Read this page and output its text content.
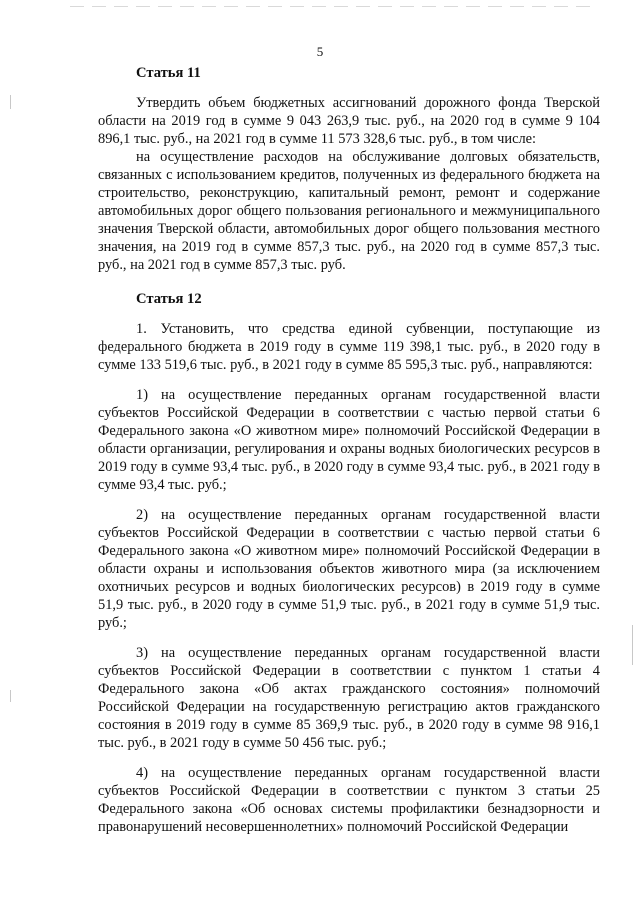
5
Статья 11

Утвердить объем бюджетных ассигнований дорожного фонда Тверской области на 2019 год в сумме 9 043 263,9 тыс. руб., на 2020 год в сумме 9 104 896,1 тыс. руб., на 2021 год в сумме 11 573 328,6 тыс. руб., в том числе:

на осуществление расходов на обслуживание долговых обязательств, связанных с использованием кредитов, полученных из федерального бюджета на строительство, реконструкцию, капитальный ремонт, ремонт и содержание автомобильных дорог общего пользования регионального и межмуниципального значения Тверской области, автомобильных дорог общего пользования местного значения, на 2019 год в сумме 857,3 тыс. руб., на 2020 год в сумме 857,3 тыс. руб., на 2021 год в сумме 857,3 тыс. руб.

Статья 12

1. Установить, что средства единой субвенции, поступающие из федерального бюджета в 2019 году в сумме 119 398,1 тыс. руб., в 2020 году в сумме 133 519,6 тыс. руб., в 2021 году в сумме 85 595,3 тыс. руб., направляются:

1) на осуществление переданных органам государственной власти субъектов Российской Федерации в соответствии с частью первой статьи 6 Федерального закона «О животном мире» полномочий Российской Федерации в области организации, регулирования и охраны водных биологических ресурсов в 2019 году в сумме 93,4 тыс. руб., в 2020 году в сумме 93,4 тыс. руб., в 2021 году в сумме 93,4 тыс. руб.;

2) на осуществление переданных органам государственной власти субъектов Российской Федерации в соответствии с частью первой статьи 6 Федерального закона «О животном мире» полномочий Российской Федерации в области охраны и использования объектов животного мира (за исключением охотничьих ресурсов и водных биологических ресурсов) в 2019 году в сумме 51,9 тыс. руб., в 2020 году в сумме 51,9 тыс. руб., в 2021 году в сумме 51,9 тыс. руб.;

3) на осуществление переданных органам государственной власти субъектов Российской Федерации в соответствии с пунктом 1 статьи 4 Федерального закона «Об актах гражданского состояния» полномочий Российской Федерации на государственную регистрацию актов гражданского состояния в 2019 году в сумме 85 369,9 тыс. руб., в 2020 году в сумме 98 916,1 тыс. руб., в 2021 году в сумме 50 456 тыс. руб.;

4) на осуществление переданных органам государственной власти субъектов Российской Федерации в соответствии с пунктом 3 статьи 25 Федерального закона «Об основах системы профилактики безнадзорности и правонарушений несовершеннолетних» полномочий Российской Федерации
